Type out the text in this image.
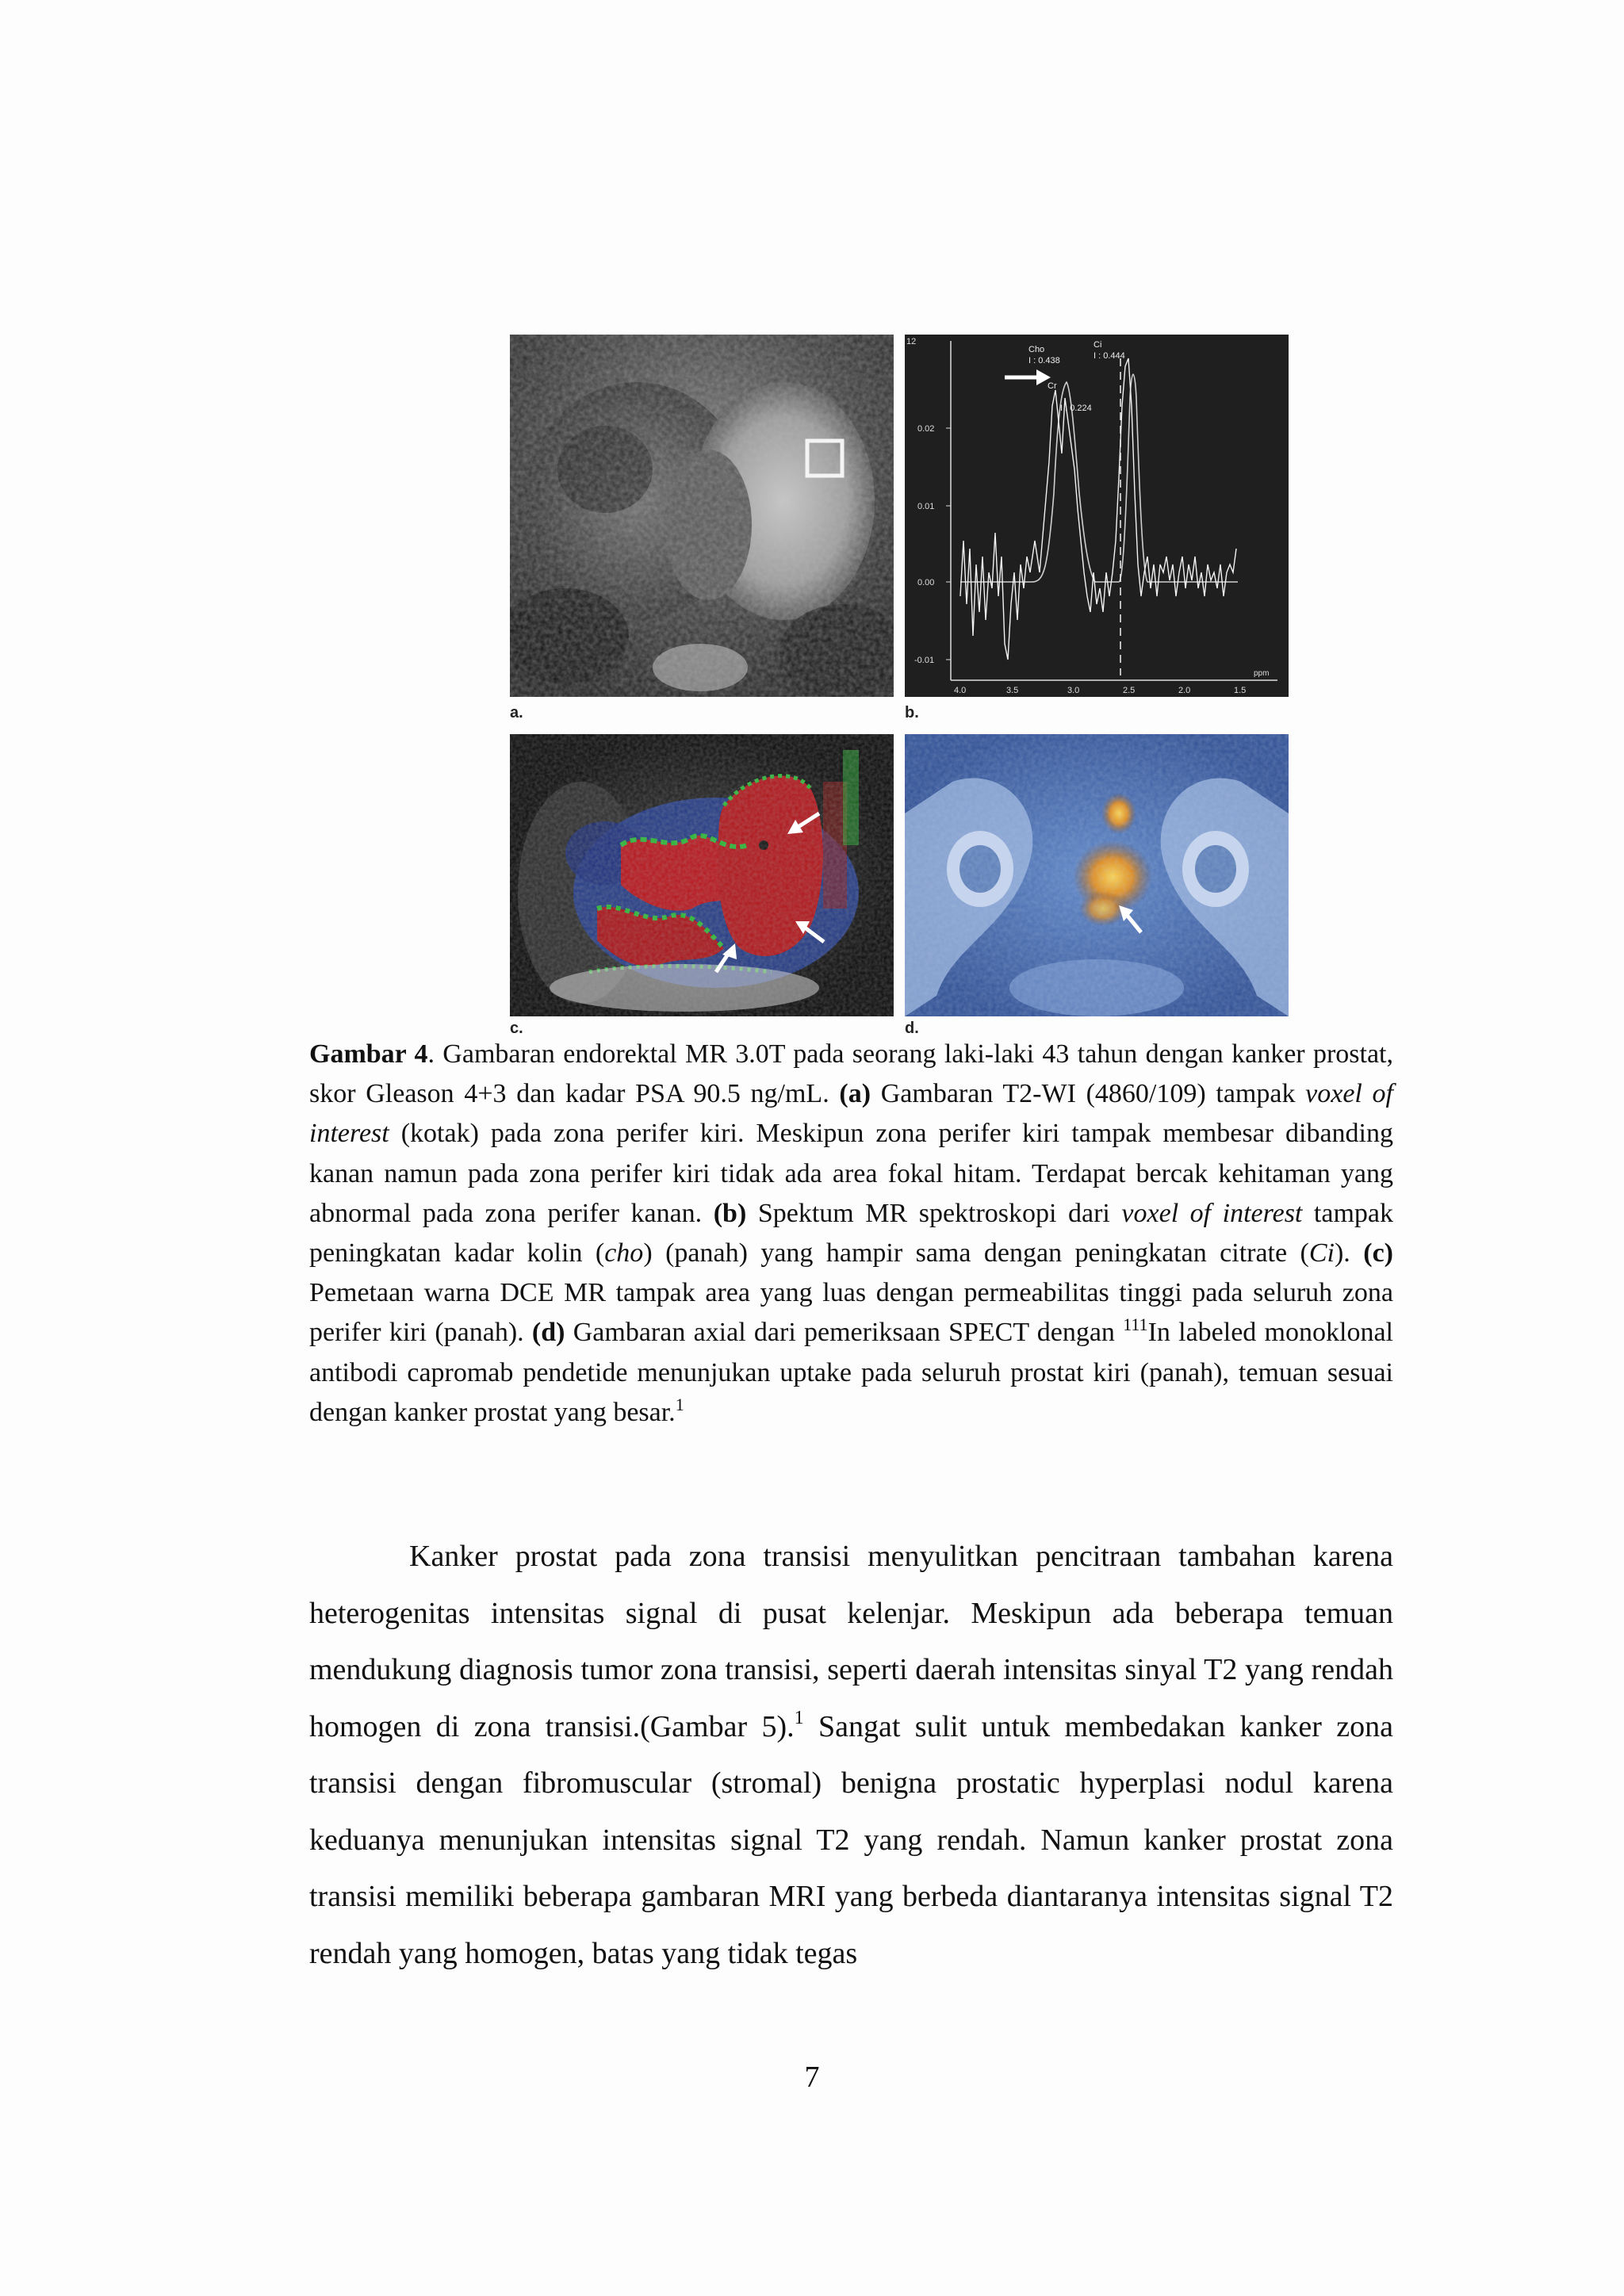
a.
12
0.02
0.01
0.00
-0.01
4.0	3.5	3.0	2.5	2.0	1.5
ppm
Cho
I : 0.438
Cr
I : 0.224
Ci
I : 0.444
b.
c.	d.
Gambar 4. Gambaran endorektal MR 3.0T pada seorang laki-laki 43 tahun dengan kanker prostat, skor Gleason 4+3 dan kadar PSA 90.5 ng/mL. (a) Gambaran T2-WI (4860/109) tampak voxel of interest (kotak) pada zona perifer kiri. Meskipun zona perifer kiri tampak membesar dibanding kanan namun pada zona perifer kiri tidak ada area fokal hitam. Terdapat bercak kehitaman yang abnormal pada zona perifer kanan. (b) Spektum MR spektroskopi dari voxel of interest tampak peningkatan kadar kolin (cho) (panah) yang hampir sama dengan peningkatan citrate (Ci). (c) Pemetaan warna DCE MR tampak area yang luas dengan permeabilitas tinggi pada seluruh zona perifer kiri (panah). (d) Gambaran axial dari pemeriksaan SPECT dengan $^{111}$In labeled monoklonal antibodi capromab pendetide menunjukan uptake pada seluruh prostat kiri (panah), temuan sesuai dengan kanker prostat yang besar.$^1$

Kanker prostat pada zona transisi menyulitkan pencitraan tambahan karena heterogenitas intensitas signal di pusat kelenjar. Meskipun ada beberapa temuan mendukung diagnosis tumor zona transisi, seperti daerah intensitas sinyal T2 yang rendah homogen di zona transisi.(Gambar 5).$^1$ Sangat sulit untuk membedakan kanker zona transisi dengan fibromuscular (stromal) benigna prostatic hyperplasi nodul karena keduanya menunjukan intensitas signal T2 yang rendah. Namun kanker prostat zona transisi memiliki beberapa gambaran MRI yang berbeda diantaranya intensitas signal T2 rendah yang homogen, batas yang tidak tegas

7
